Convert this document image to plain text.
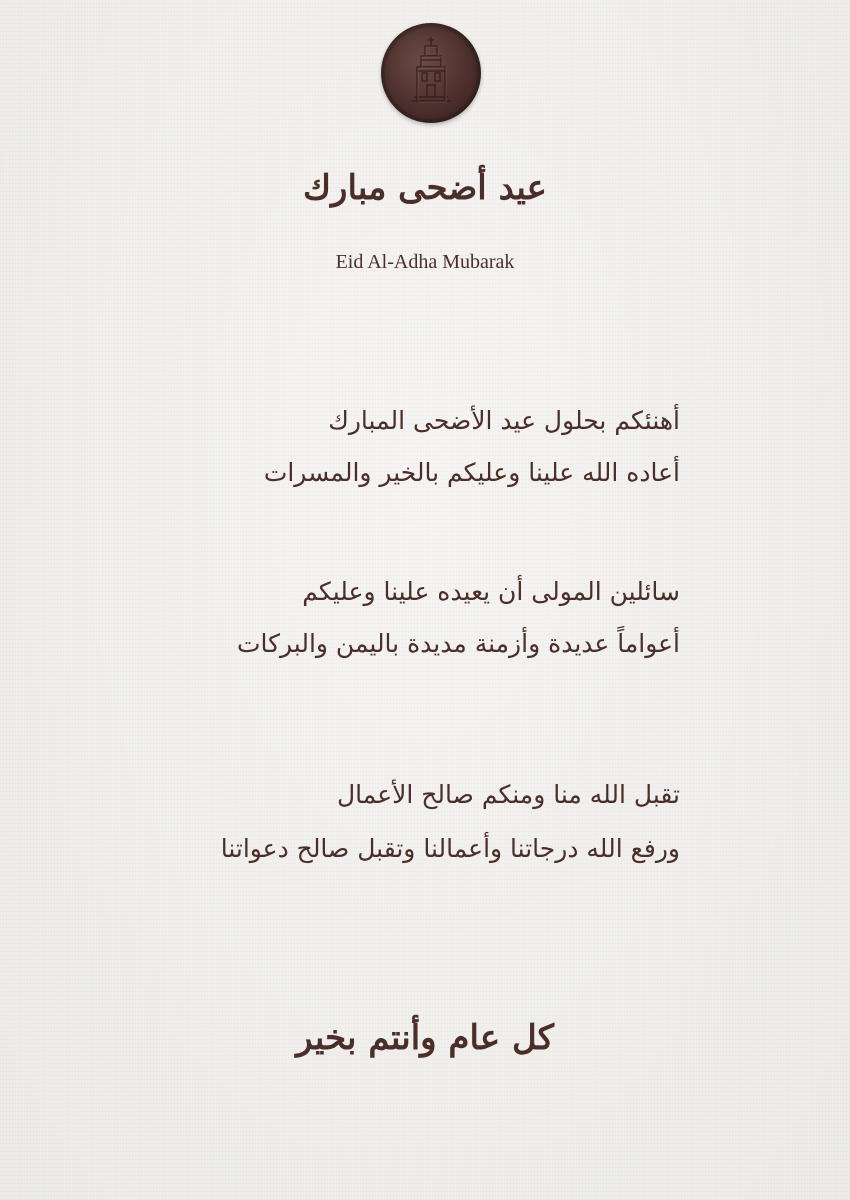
عيد أضحى مبارك
Eid Al-Adha Mubarak
أهنئكم بحلول عيد الأضحى المبارك
أعاده الله علينا وعليكم بالخير والمسرات
سائلين المولى أن يعيده علينا وعليكم
أعواماً عديدة وأزمنة مديدة باليمن والبركات
تقبل الله منا ومنكم صالح الأعمال
ورفع الله درجاتنا وأعمالنا وتقبل صالح دعواتنا
كل عام وأنتم بخير
